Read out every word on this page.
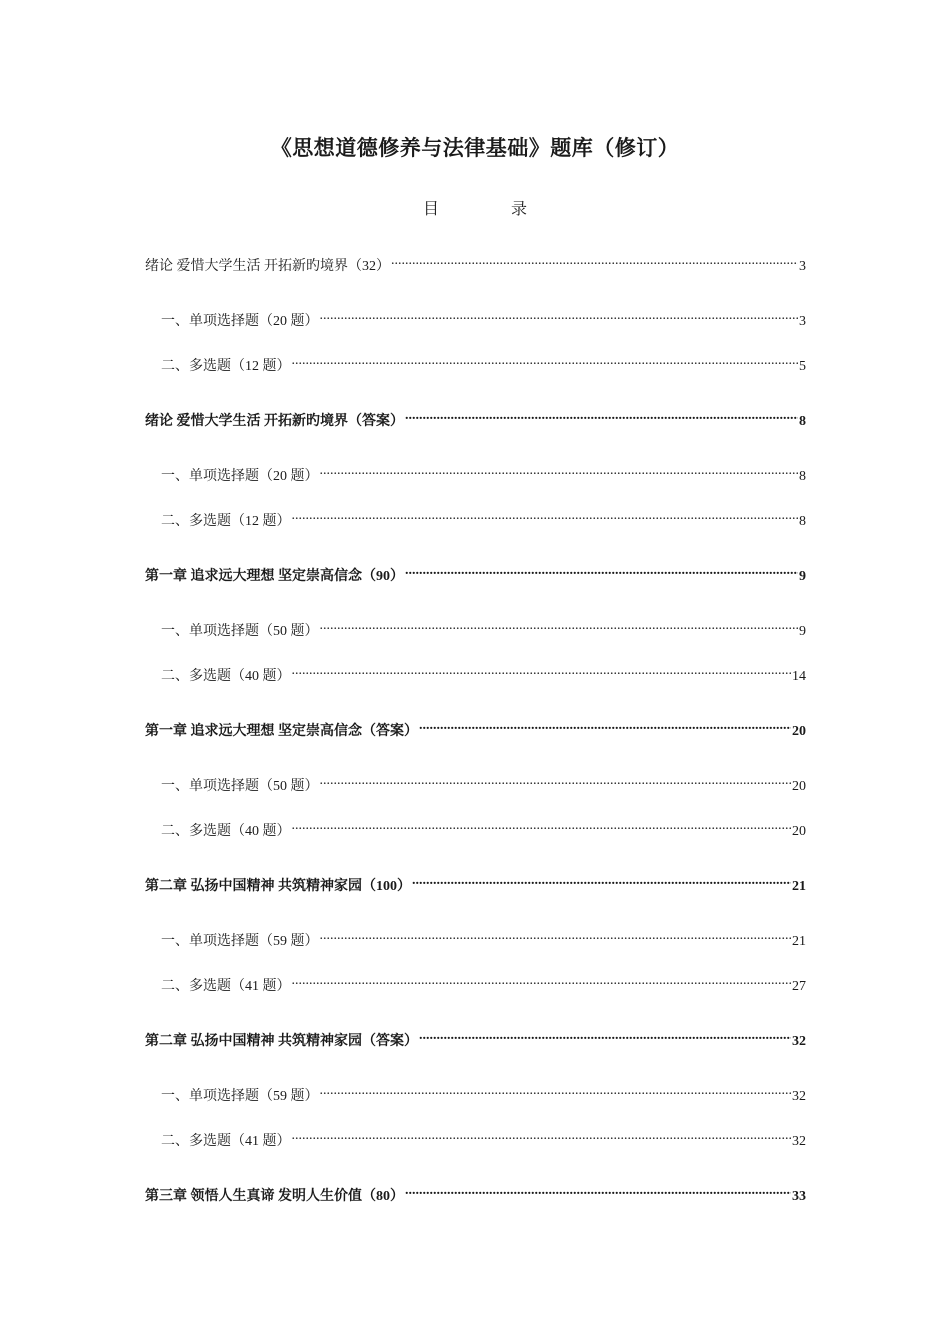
《思想道德修养与法律基础》题库（修订）
目	录
绪论 爱惜大学生活 开拓新旳境界（32） .....	3
一、单项选择题（20 题） .....	3
二、多选题（12 题） .....	5
绪论 爱惜大学生活 开拓新旳境界（答案） .....	8
一、单项选择题（20 题） .....	8
二、多选题（12 题） .....	8
第一章 追求远大理想 坚定崇高信念（90） .....	9
一、单项选择题（50 题） .....	9
二、多选题（40 题） .....	14
第一章 追求远大理想 坚定崇高信念（答案） .....	20
一、单项选择题（50 题） .....	20
二、多选题（40 题） .....	20
第二章 弘扬中国精神 共筑精神家园（100） .....	21
一、单项选择题（59 题） .....	21
二、多选题（41 题） .....	27
第二章 弘扬中国精神 共筑精神家园（答案） .....	32
一、单项选择题（59 题） .....	32
二、多选题（41 题） .....	32
第三章 领悟人生真谛 发明人生价值（80） .....	33
